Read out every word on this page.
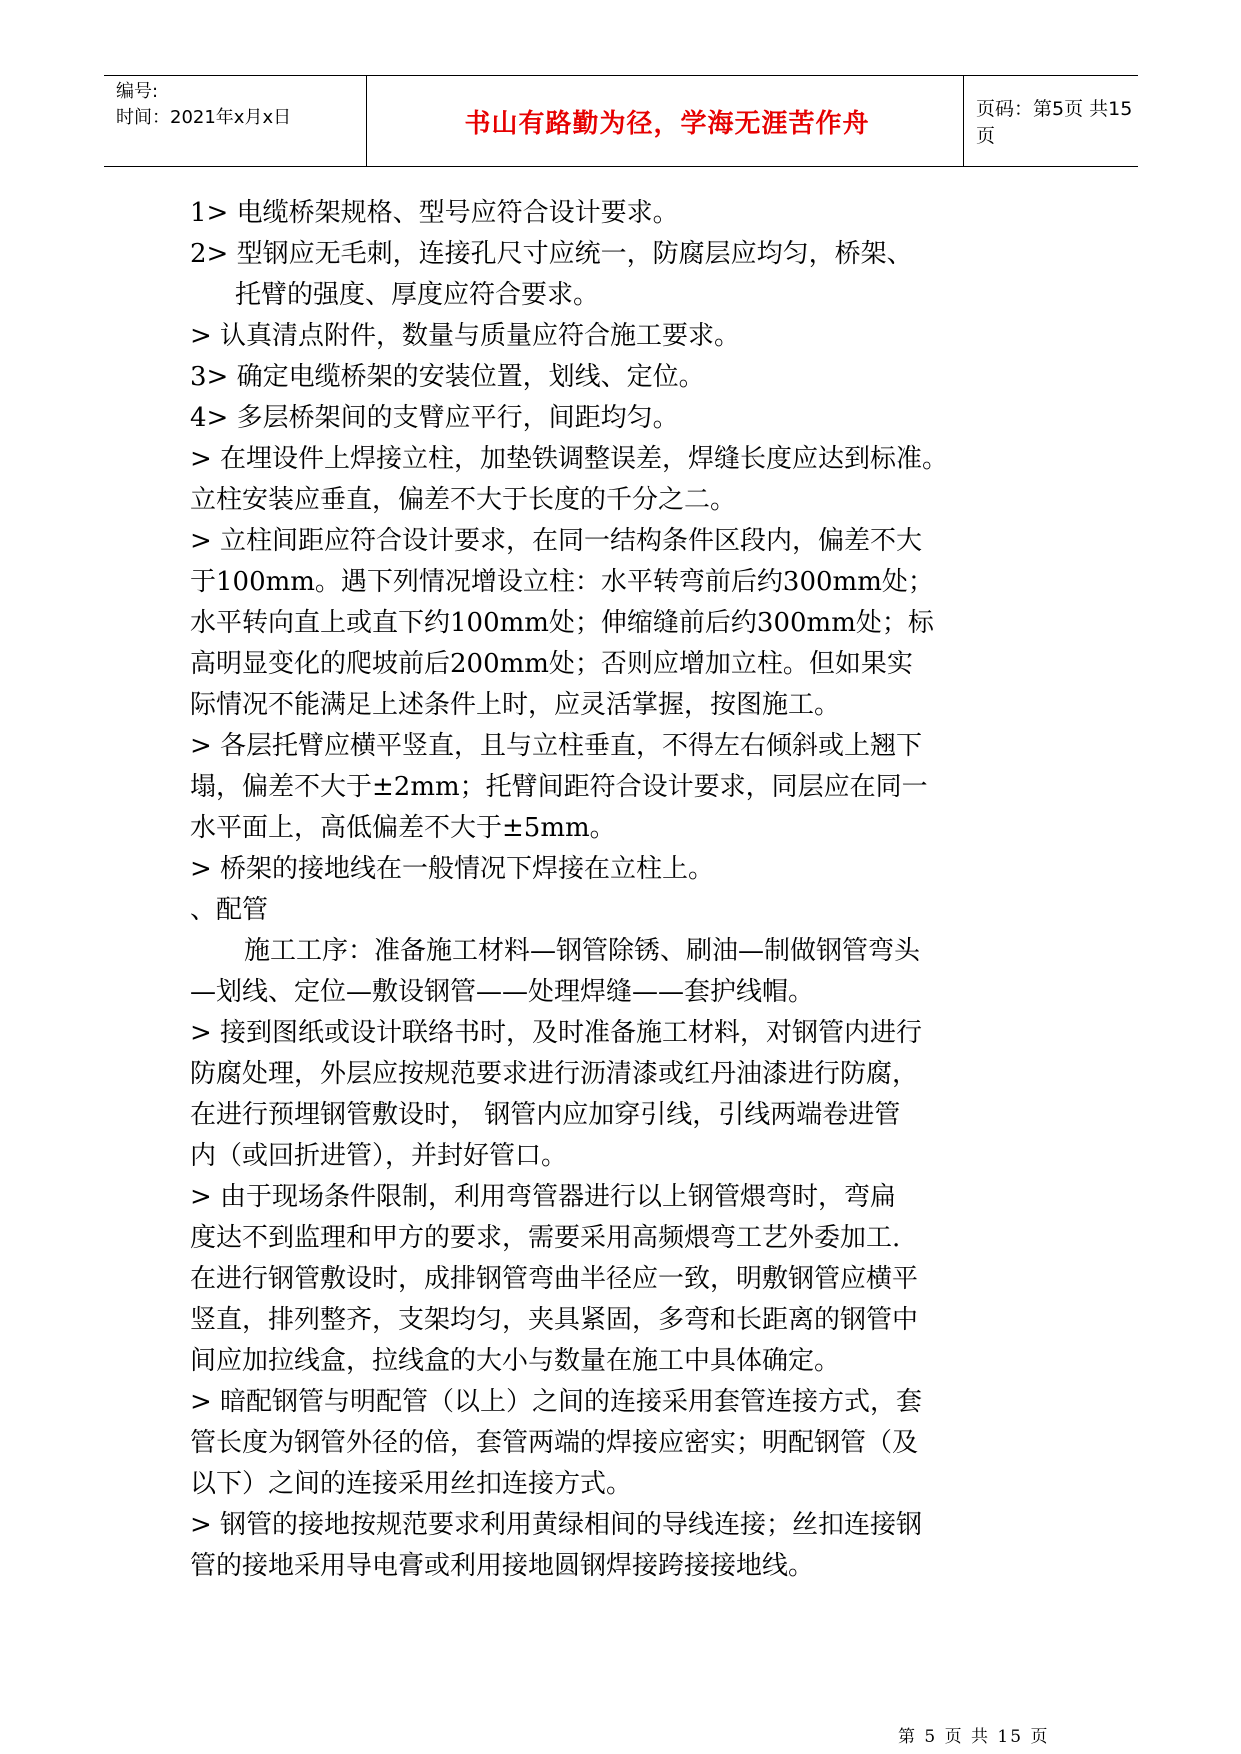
编号:
时间：2021年x月x日	书山有路勤为径，学海无涯苦作舟	页码：第5页 共15页

1> 电缆桥架规格、型号应符合设计要求。

2> 型钢应无毛刺，连接孔尺寸应统一，防腐层应均匀，桥架、

托臂的强度、厚度应符合要求。

> 认真清点附件，数量与质量应符合施工要求。

3> 确定电缆桥架的安装位置，划线、定位。

4> 多层桥架间的支臂应平行，间距均匀。

> 在埋设件上焊接立柱，加垫铁调整误差，焊缝长度应达到标准。

立柱安装应垂直，偏差不大于长度的千分之二。

> 立柱间距应符合设计要求，在同一结构条件区段内，偏差不大

于100mm。遇下列情况增设立柱：水平转弯前后约300mm处；

水平转向直上或直下约100mm处；伸缩缝前后约300mm处；标

高明显变化的爬坡前后200mm处；否则应增加立柱。但如果实

际情况不能满足上述条件上时，应灵活掌握，按图施工。

> 各层托臂应横平竖直，且与立柱垂直，不得左右倾斜或上翘下

塌，偏差不大于±2mm；托臂间距符合设计要求，同层应在同一

水平面上，高低偏差不大于±5mm。

> 桥架的接地线在一般情况下焊接在立柱上。

、配管

施工工序：准备施工材料—钢管除锈、刷油—制做钢管弯头

—划线、定位—敷设钢管——处理焊缝——套护线帽。

> 接到图纸或设计联络书时，及时准备施工材料，对钢管内进行

防腐处理，外层应按规范要求进行沥清漆或红丹油漆进行防腐，

在进行预埋钢管敷设时， 钢管内应加穿引线，引线两端卷进管

内（或回折进管），并封好管口。

> 由于现场条件限制，利用弯管器进行以上钢管煨弯时，弯扁

度达不到监理和甲方的要求，需要采用高频煨弯工艺外委加工.

在进行钢管敷设时，成排钢管弯曲半径应一致，明敷钢管应横平

竖直，排列整齐，支架均匀，夹具紧固，多弯和长距离的钢管中

间应加拉线盒，拉线盒的大小与数量在施工中具体确定。

> 暗配钢管与明配管（以上）之间的连接采用套管连接方式，套

管长度为钢管外径的倍，套管两端的焊接应密实；明配钢管（及

以下）之间的连接采用丝扣连接方式。

> 钢管的接地按规范要求利用黄绿相间的导线连接；丝扣连接钢

管的接地采用导电膏或利用接地圆钢焊接跨接接地线。

第 5 页 共 15 页
